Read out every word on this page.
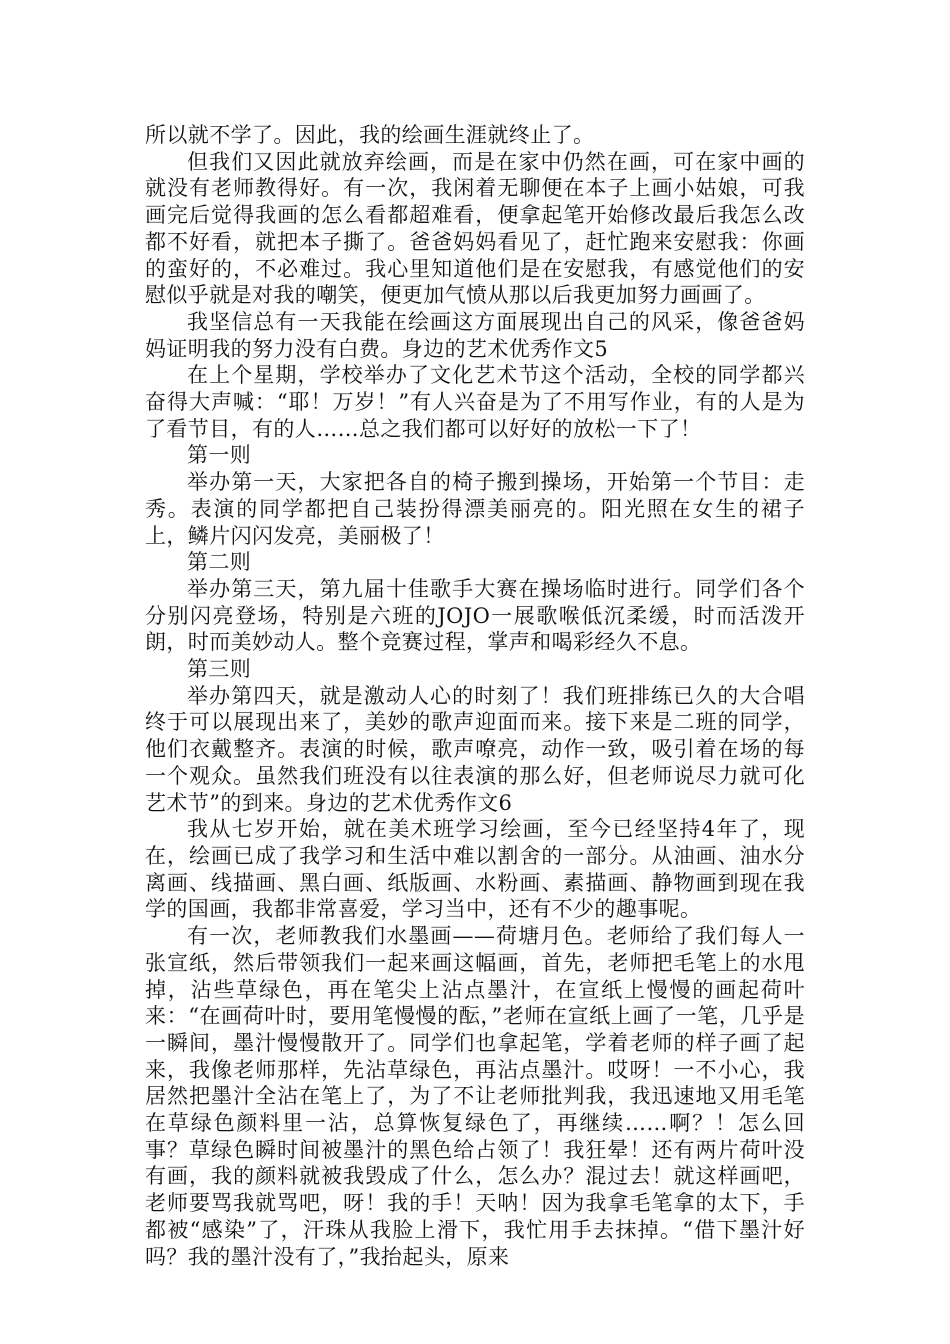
所以就不学了。因此，我的绘画生涯就终止了。

但我们又因此就放弃绘画，而是在家中仍然在画，可在家中画的就没有老师教得好。有一次，我闲着无聊便在本子上画小姑娘，可我画完后觉得我画的怎么看都超难看，便拿起笔开始修改最后我怎么改都不好看，就把本子撕了。爸爸妈妈看见了，赶忙跑来安慰我：你画的蛮好的，不必难过。我心里知道他们是在安慰我，有感觉他们的安慰似乎就是对我的嘲笑，便更加气愤从那以后我更加努力画画了。

我坚信总有一天我能在绘画这方面展现出自己的风采，像爸爸妈妈证明我的努力没有白费。身边的艺术优秀作文5

在上个星期，学校举办了文化艺术节这个活动，全校的同学都兴奋得大声喊：“耶！万岁！”有人兴奋是为了不用写作业，有的人是为了看节目，有的人……总之我们都可以好好的放松一下了！

第一则

举办第一天，大家把各自的椅子搬到操场，开始第一个节目：走秀。表演的同学都把自己装扮得漂美丽亮的。阳光照在女生的裙子上，鳞片闪闪发亮，美丽极了！

第二则

举办第三天，第九届十佳歌手大赛在操场临时进行。同学们各个分别闪亮登场，特别是六班的JOJO一展歌喉低沉柔缓，时而活泼开朗，时而美妙动人。整个竞赛过程，掌声和喝彩经久不息。

第三则

举办第四天，就是激动人心的时刻了！我们班排练已久的大合唱终于可以展现出来了，美妙的歌声迎面而来。接下来是二班的同学，他们衣戴整齐。表演的时候，歌声嘹亮，动作一致，吸引着在场的每一个观众。虽然我们班没有以往表演的那么好，但老师说尽力就可化艺术节”的到来。身边的艺术优秀作文6

我从七岁开始，就在美术班学习绘画，至今已经坚持4年了，现在，绘画已成了我学习和生活中难以割舍的一部分。从油画、油水分离画、线描画、黑白画、纸版画、水粉画、素描画、静物画到现在我学的国画，我都非常喜爱，学习当中，还有不少的趣事呢。

有一次，老师教我们水墨画——荷塘月色。老师给了我们每人一张宣纸，然后带领我们一起来画这幅画，首先，老师把毛笔上的水甩掉，沾些草绿色，再在笔尖上沾点墨汁，在宣纸上慢慢的画起荷叶来：“在画荷叶时，要用笔慢慢的酝，”老师在宣纸上画了一笔，几乎是一瞬间，墨汁慢慢散开了。同学们也拿起笔，学着老师的样子画了起来，我像老师那样，先沾草绿色，再沾点墨汁。哎呀！一不小心，我居然把墨汁全沾在笔上了，为了不让老师批判我，我迅速地又用毛笔在草绿色颜料里一沾，总算恢复绿色了，再继续……啊？！怎么回事？草绿色瞬时间被墨汁的黑色给占领了！我狂晕！还有两片荷叶没有画，我的颜料就被我毁成了什么，怎么办？混过去！就这样画吧，老师要骂我就骂吧，呀！我的手！天呐！因为我拿毛笔拿的太下，手都被“感染”了，汗珠从我脸上滑下，我忙用手去抹掉。“借下墨汁好吗？我的墨汁没有了，”我抬起头，原来
